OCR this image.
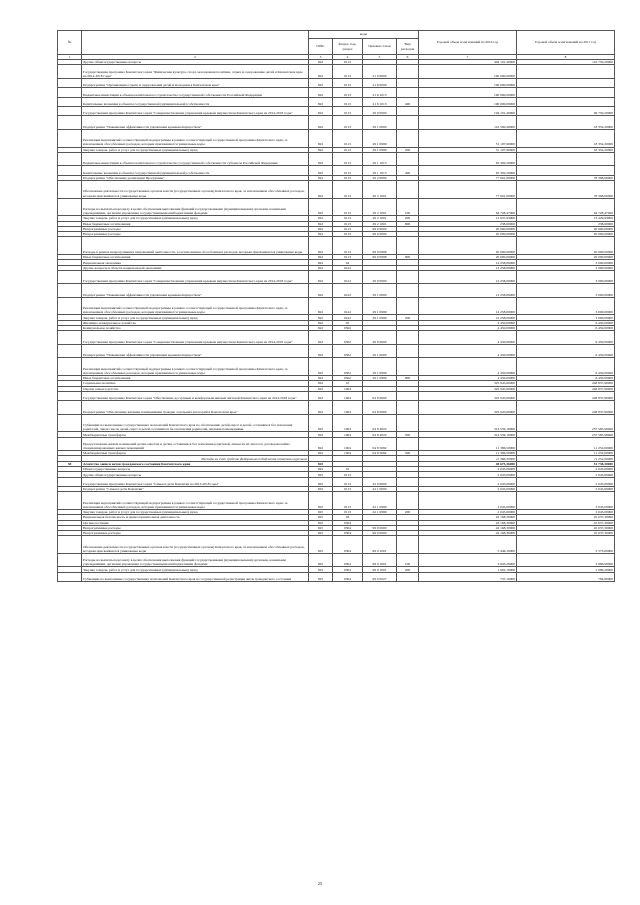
№		коды				Годовой объем ассигнований на 2016 год	Годовой объем ассигнований на 2017 год
		ГРБС	Раздел, под-раздел	Целевая статья	Вид расходов		
1	2	3	4	5	6	7	8
	Другие общегосударственные вопросы	822	0113			404 191,40000	116 750,20000
	Государственная программа Камчатского края "Физическая культура, спорт, молодежная политика, отдых и оздоровление детей в Камчатском крае на 2014-2018 годы"	822	0113	21 0 0000		190 000,00000	
	Подпрограмма "Организация отдыха и оздоровления детей и молодежи в Камчатском крае"	822	0113	21 6 0000		190 000,00000	
	Бюджетные инвестиции в объекты капитального строительства государственной собственности Российской Федерации	822	0113	21 6 1013		190 000,00000	
	Капитальные вложения в объекты государственной (муниципальной) собственности	822	0113	21 6 1013	400	190 000,00000	
	Государственная программа Камчатского края "Совершенствование управления краевым имуществом Камчатского края на 2014-2018 годы"	822	0113	29 0 0000		194 191,40000	96 750,20000
	Подпрограмма "Повышение эффективности управления краевым имуществом"	822	0113	29 1 0000		116 590,40000	18 352,20000
	Реализация мероприятий соответствующей подпрограммы в рамках соответствующей государственной программы Камчатского края, за исключением обособленных расходов, которым присваиваются уникальные коды	822	0113	29 1 0999		51 197,90000	18 352,20000
	Закупка товаров, работ и услуг для государственных (муниципальных) нужд	822	0113	29 1 0999	200	51 197,90000	18 352,20000
	Бюджетные инвестиции в объекты капитального строительства государственной собственности субъектов Российской Федерации	822	0113	29 1 1013		65 392,50000	
	Капитальные вложения в объекты государственной (муниципальной) собственности	822	0113	29 1 1013	400	65 392,50000	
	Подпрограмма "Обеспечение реализации Программы"	822	0113	29 2 0000		77 601,00000	78 398,00000
	Обеспечение деятельности государственных органов власти (государственных органов) Камчатского края, за исключением обособленных расходов, которым присваиваются уникальные коды	822	0113	29 2 1001		77 601,00000	78 398,00000
	Расходы на выплаты персоналу в целях обеспечения выполнения функций государственными (муниципальными) органами, казенными учреждениями, органами управления государственными внебюджетными фондами	822	0113	29 2 1001	100	64 728,47000	64 728,47000
	Закупка товаров, работ и услуг для государственных (муниципальных) нужд	822	0113	29 2 1001	200	12 637,93000	13 429,93000
	Иные бюджетные ассигнования	822	0113	29 2 1001	800	238,60000	238,60000
	Непрограммные расходы	822	0113	99 0 0000		20 000,00000	20 000,00000
	Непрограммные расходы	822	0113	99 0 0000		20 000,00000	20 000,00000
	Расходы в рамках непрограммных направлений деятельности, за исключением обособленных расходов, которым присваиваются уникальные коды	822	0113	99 0 0998		20 000,00000	20 000,00000
	Иные бюджетные ассигнования	822	0113	99 0 0998	800	20 000,00000	20 000,00000
	Национальная экономика	822	04			12 258,00000	3 000,00000
	Другие вопросы в области национальной экономики	822	0412			12 258,00000	3 000,00000
	Государственная программа Камчатского края "Совершенствование управления краевым имуществом Камчатского края на 2014-2018 годы"	822	0412	29 0 0000		12 258,00000	3 000,00000
	Подпрограмма "Повышение эффективности управления краевым имуществом"	822	0412	29 1 0000		12 258,00000	3 000,00000
	Реализация мероприятий соответствующей подпрограммы в рамках соответствующей государственной программы Камчатского края, за исключением обособленных расходов, которым присваиваются уникальные коды	822	0412	29 1 0999		12 258,00000	3 000,00000
	Закупка товаров, работ и услуг для государственных (муниципальных) нужд	822	0412	29 1 0999	200	12 258,00000	3 000,00000
	Жилищно-коммунальное хозяйство	822	05			4 450,00000	6 450,00000
	Коммунальное хозяйство	822	0502			4 450,00000	6 450,00000
	Государственная программа Камчатского края "Совершенствование управления краевым имуществом Камчатского края на 2014-2018 годы"	822	0502	29 0 0000		4 450,00000	6 450,00000
	Подпрограмма "Повышение эффективности управления краевым имуществом"	822	0502	29 1 0000		4 450,00000	6 450,00000
	Реализация мероприятий соответствующей подпрограммы в рамках соответствующей государственной программы Камчатского края, за исключением обособленных расходов, которым присваиваются уникальные коды	822	0502	29 1 0999		4 450,00000	6 450,00000
	Иные бюджетные ассигнования	822	0502	29 1 0999	800	4 450,00000	6 450,00000
	Социальная политика	822	10			325 945,60000	248 837,90000
	Охрана семьи и детства	822	1004			325 945,60000	248 837,90000
	Государственная программа Камчатского края "Обеспечение доступным и комфортным жильем жителей Камчатского края на 2014-2018 годы"	822	1004	04 0 0000		325 945,60000	248 837,90000
	Подпрограмма "Обеспечение жилыми помещениями граждан отдельных категорий в Камчатском крае"	822	1004	04 8 0000		325 945,60000	248 837,90000
	Субвенции на выполнение государственных полномочий Камчатского края по обеспечению детей-сирот и детей, оставшихся без попечения родителей, лиц из числа детей-сирот и детей, оставшихся без попечения родителей, жилыми помещениями	822	1004	04 8 4022		314 559,10000	237 585,90000
	Межбюджетные трансферты	822	1004	04 8 4022	500	314 559,10000	237 585,90000
	Предоставление жилых помещений детям-сиротам и детям, оставшимся без попечения родителей, лицам из их числа по договорам найма специализированных жилых помещений	822	1004	04 8 5082		11 386,50000	11 252,00000
	Межбюджетные трансферты	822	1004	04 8 5082	500	11 386,50000	11 252,00000
	Расходы за счет средств федерального бюджета отмечены курсивом					11 386,50000	11 252,00000
38	Агентство записи актов гражданского состояния Камчатского края	825				48 675,36000	51 738,30000
	Общегосударственные вопросы	825	01			2 045,00000	2 045,00000
	Другие общегосударственные вопросы	825	0113			2 045,00000	2 045,00000
	Государственная программа Камчатского края "Семья и дети Камчатки на 2013-2018 годы"	825	0113	22 0 0000		2 045,00000	2 045,00000
	Подпрограмма "Семья и дети Камчатки"	825	0113	22 1 0000		2 045,00000	2 045,00000
	Реализация мероприятий соответствующей подпрограммы в рамках соответствующей государственной программы Камчатского края, за исключением обособленных расходов, которым присваиваются уникальные коды	825	0113	22 1 0999		2 045,00000	2 045,00000
	Закупка товаров, работ и услуг для государственных (муниципальных) нужд	825	0113	22 1 0999	200	2 045,00000	2 045,00000
	Национальная безопасность и правоохранительная деятельность	825	03			42 168,30000	45 037,30000
	Органы юстиции	825	0304			42 168,30000	45 037,30000
	Непрограммные расходы	825	0304	99 0 0000		42 168,30000	45 037,30000
	Непрограммные расходы	825	0304	99 0 0000		42 168,30000	45 037,30000
	Обеспечение деятельности государственных органов власти (государственных органов) Камчатского края, за исключением обособленных расходов, которым присваиваются уникальные коды	825	0304	99 0 1001		5 446,10000	5 573,00000
	Расходы на выплаты персоналу в целях обеспечения выполнения функций государственными (муниципальными) органами, казенными учреждениями, органами управления государственными внебюджетными фондами	825	0304	99 0 1001	100	3 843,20000	3 886,90000
	Закупка товаров, работ и услуг для государственных (муниципальных) нужд	825	0304	99 0 1001	200	1 602,10000	1 686,20000
	Субвенции на выполнение государственных полномочий Камчатского края по государственной регистрации актов гражданского состояния	825	0304	99 0 0027		737,10000	784,80000
25
